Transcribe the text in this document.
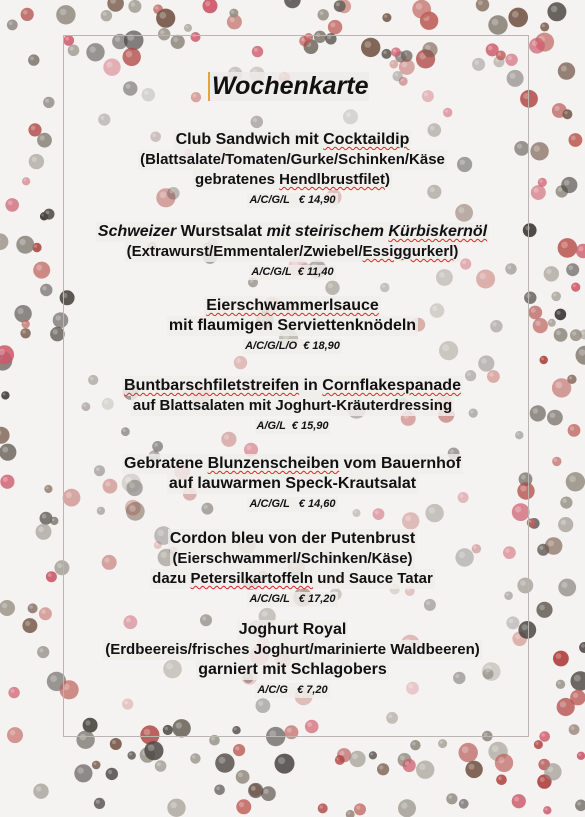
Wochenkarte
Club Sandwich mit Cocktaildip
(Blattsalate/Tomaten/Gurke/Schinken/Käse
gebratenes Hendlbrustfilet)
A/C/G/L € 14,90
Schweizer Wurstsalat mit steirischem Kürbiskernöl
(Extrawurst/Emmentaler/Zwiebel/Essiggurkerl)
A/C/G/L € 11,40
Eierschwammerlsauce
mit flaumigen Serviettenknödeln
A/C/G/L/O € 18,90
Buntbarschfiletstreifen in Cornflakespanade
auf Blattsalaten mit Joghurt-Kräuterdressing
A/G/L € 15,90
Gebratene Blunzenscheiben vom Bauernhof
auf lauwarmen Speck-Krautsalat
A/C/G/L € 14,60
Cordon bleu von der Putenbrust
(Eierschwammerl/Schinken/Käse)
dazu Petersilkartoffeln und Sauce Tatar
A/C/G/L € 17,20
Joghurt Royal
(Erdbeereis/frisches Joghurt/marinierte Waldbeeren)
garniert mit Schlagobers
A/C/G € 7,20
